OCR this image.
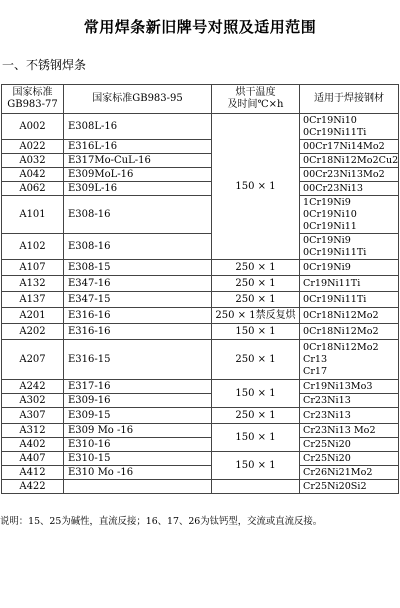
常用焊条新旧牌号对照及适用范围
一、不锈钢焊条
国家标准
GB983-77	国家标准GB983-95	烘干温度
及时间℃×h	适用于焊接钢材
A002	E308L-16	150 × 1	0Cr19Ni10
0Cr19Ni11Ti

A022	E316L-16		00Cr17Ni14Mo2
A032	E317Mo-CuL-16		0Cr18Ni12Mo2Cu2
A042	E309MoL-16		00Cr23Ni13Mo2
A062	E309L-16		00Cr23Ni13
A101	E308-16		1Cr19Ni9
0Cr19Ni10
0Cr19Ni11

A102	E308-16		0Cr19Ni9
0Cr19Ni11Ti

A107	E308-15	250 × 1	0Cr19Ni9
A132	E347-16	250 × 1	Cr19Ni11Ti
A137	E347-15	250 × 1	0Cr19Ni11Ti
A201	E316-16	250 × 1禁反复烘	0Cr18Ni12Mo2
A202	E316-16	150 × 1	0Cr18Ni12Mo2
A207	E316-15	250 × 1	0Cr18Ni12Mo2
Cr13
Cr17

A242	E317-16	150 × 1	Cr19Ni13Mo3
A302	E309-16		Cr23Ni13
A307	E309-15	250 × 1	Cr23Ni13
A312	E309 Mo -16	150 × 1	Cr23Ni13 Mo2
A402	E310-16		Cr25Ni20
A407	E310-15	150 × 1	Cr25Ni20
A412	E310 Mo -16		Cr26Ni21Mo2
A422			Cr25Ni20Si2
说明：15、25为碱性，直流反接；16、17、26为钛钙型，交流或直流反接。
